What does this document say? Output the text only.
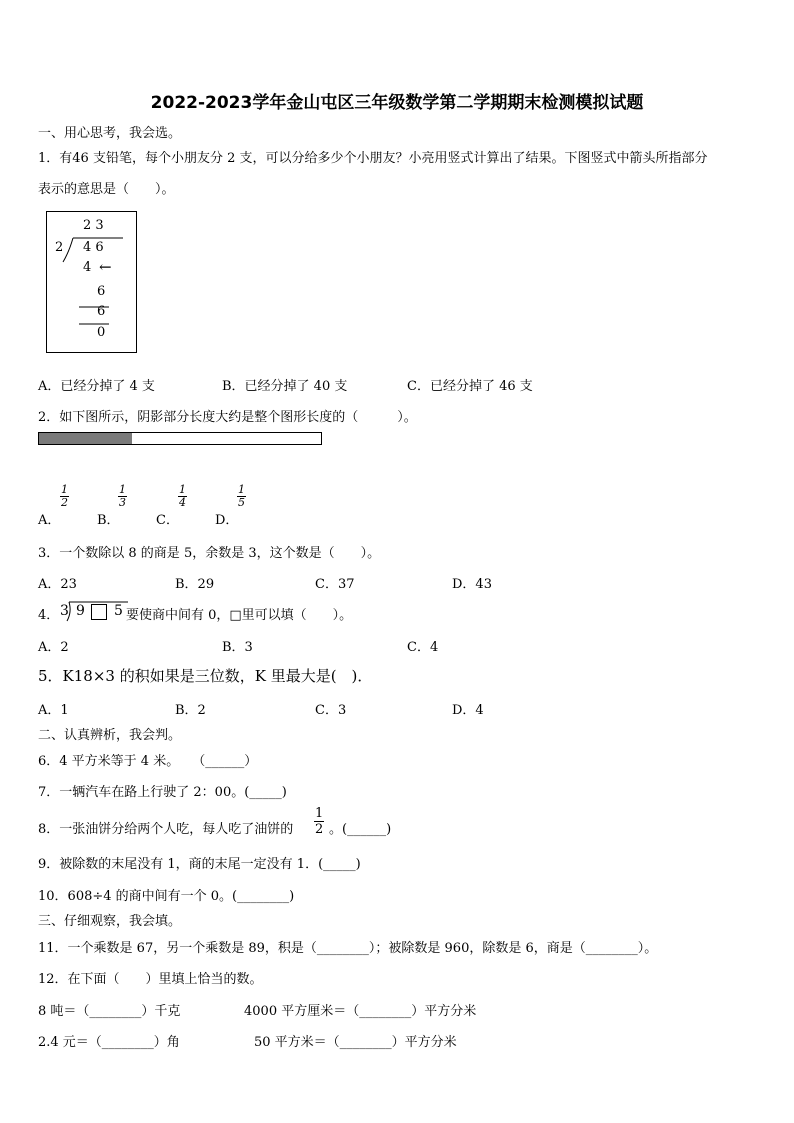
2022-2023学年金山屯区三年级数学第二学期期末检测模拟试题
一、用心思考，我会选。
1．有46 支铅笔，每个小朋友分 2 支，可以分给多少个小朋友？小亮用竖式计算出了结果。下图竖式中箭头所指部分
表示的意思是（　　）。
2 3
2 4 6
4 ←
6
6
0
A．已经分掉了 4 支	B．已经分掉了 40 支	C．已经分掉了 46 支
2．如下图所示，阴影部分长度大约是整个图形长度的（　　　）。
A．
$\frac{1}{2}$
B．
$\frac{1}{3}$
C．
$\frac{1}{4}$
D．
$\frac{1}{5}$
3．一个数除以 8 的商是 5，余数是 3，这个数是（　　）。
A．23	B．29	C．37	D．43
4． 3 9 5 要使商中间有 0，□里可以填（　　）。
A．2	B．3	C．4
5．K18×3 的积如果是三位数，K 里最大是(　)．
A．1	B．2	C．3	D．4
二、认真辨析，我会判。
6．4 平方米等于 4 米。　　（______）
7．一辆汽车在路上行驶了 2：00。(_____)
8．一张油饼分给两个人吃，每人吃了油饼的 $\frac{1}{2}$ 。(______)
9．被除数的末尾没有 1，商的末尾一定没有 1．(_____)
10．608÷4 的商中间有一个 0。(________)
三、仔细观察，我会填。
11．一个乘数是 67，另一个乘数是 89，积是（________）；被除数是 960，除数是 6，商是（________）。
12．在下面（　　）里填上恰当的数。
8 吨＝（________）千克	4000 平方厘米＝（________）平方分米
2.4 元＝（________）角	50 平方米＝（________）平方分米
